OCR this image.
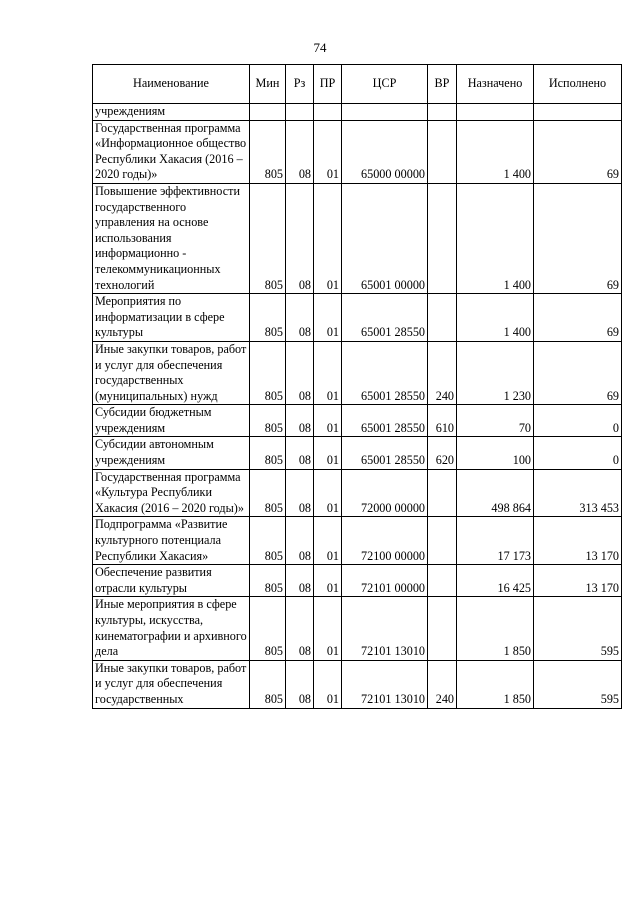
74
Наименование	Мин	Рз	ПР	ЦСР	ВР	Назначено	Исполнено
учреждениям							
Государственная программа «Информационное общество Республики Хакасия (2016 – 2020 годы)»	805	08	01	65000 00000		1 400	69
Повышение эффективности государственного управления на основе использования информационно - телекоммуникационных технологий	805	08	01	65001 00000		1 400	69
Мероприятия по информатизации в сфере культуры	805	08	01	65001 28550		1 400	69
Иные закупки товаров, работ и услуг для обеспечения государственных (муниципальных) нужд	805	08	01	65001 28550	240	1 230	69
Субсидии бюджетным учреждениям	805	08	01	65001 28550	610	70	0
Субсидии автономным учреждениям	805	08	01	65001 28550	620	100	0
Государственная программа «Культура Республики Хакасия (2016 – 2020 годы)»	805	08	01	72000 00000		498 864	313 453
Подпрограмма «Развитие культурного потенциала Республики Хакасия»	805	08	01	72100 00000		17 173	13 170
Обеспечение развития отрасли культуры	805	08	01	72101 00000		16 425	13 170
Иные мероприятия в сфере культуры, искусства, кинематографии и архивного дела	805	08	01	72101 13010		1 850	595
Иные закупки товаров, работ и услуг для обеспечения государственных	805	08	01	72101 13010	240	1 850	595
